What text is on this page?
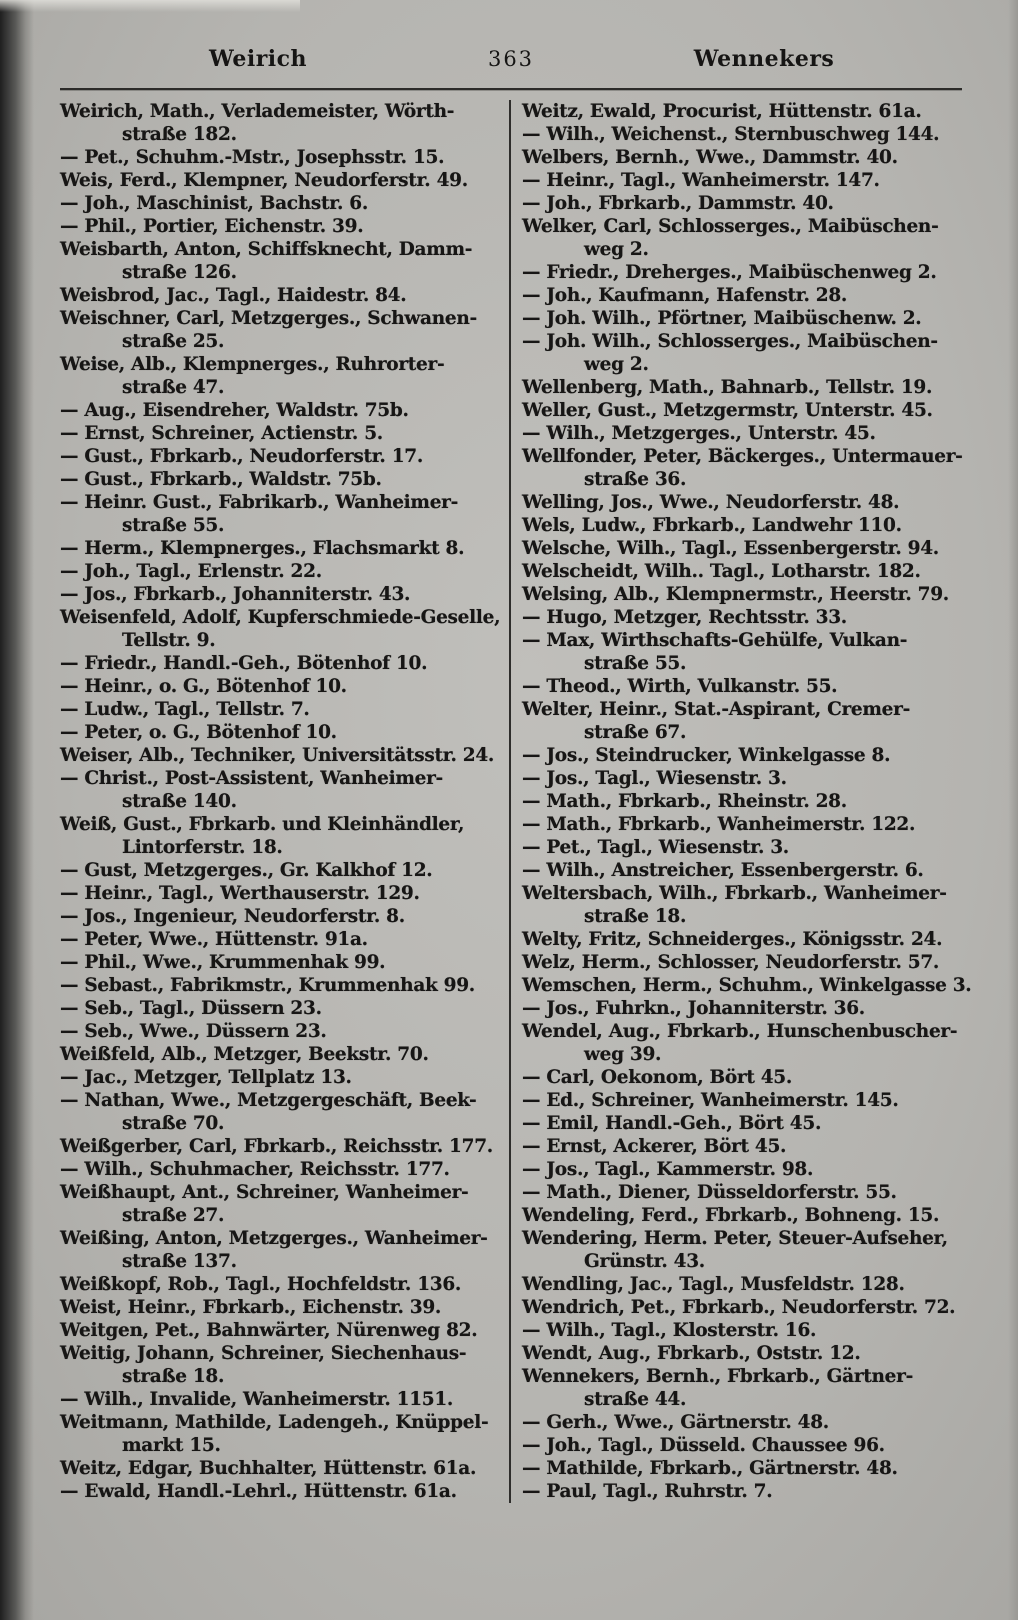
Weirich	363	Wennekers
Weirich, Math., Verlademeister, Wörth-
straße 182.
— Pet., Schuhm.-Mstr., Josephsstr. 15.
Weis, Ferd., Klempner, Neudorferstr. 49.
— Joh., Maschinist, Bachstr. 6.
— Phil., Portier, Eichenstr. 39.
Weisbarth, Anton, Schiffsknecht, Damm-
straße 126.
Weisbrod, Jac., Tagl., Haidestr. 84.
Weischner, Carl, Metzgerges., Schwanen-
straße 25.
Weise, Alb., Klempnerges., Ruhrorter-
straße 47.
— Aug., Eisendreher, Waldstr. 75b.
— Ernst, Schreiner, Actienstr. 5.
— Gust., Fbrkarb., Neudorferstr. 17.
— Gust., Fbrkarb., Waldstr. 75b.
— Heinr. Gust., Fabrikarb., Wanheimer-
straße 55.
— Herm., Klempnerges., Flachsmarkt 8.
— Joh., Tagl., Erlenstr. 22.
— Jos., Fbrkarb., Johanniterstr. 43.
Weisenfeld, Adolf, Kupferschmiede-Geselle,
Tellstr. 9.
— Friedr., Handl.-Geh., Bötenhof 10.
— Heinr., o. G., Bötenhof 10.
— Ludw., Tagl., Tellstr. 7.
— Peter, o. G., Bötenhof 10.
Weiser, Alb., Techniker, Universitätsstr. 24.
— Christ., Post-Assistent, Wanheimer-
straße 140.
Weiß, Gust., Fbrkarb. und Kleinhändler,
Lintorferstr. 18.
— Gust, Metzgerges., Gr. Kalkhof 12.
— Heinr., Tagl., Werthauserstr. 129.
— Jos., Ingenieur, Neudorferstr. 8.
— Peter, Wwe., Hüttenstr. 91a.
— Phil., Wwe., Krummenhak 99.
— Sebast., Fabrikmstr., Krummenhak 99.
— Seb., Tagl., Düssern 23.
— Seb., Wwe., Düssern 23.
Weißfeld, Alb., Metzger, Beekstr. 70.
— Jac., Metzger, Tellplatz 13.
— Nathan, Wwe., Metzgergeschäft, Beek-
straße 70.
Weißgerber, Carl, Fbrkarb., Reichsstr. 177.
— Wilh., Schuhmacher, Reichsstr. 177.
Weißhaupt, Ant., Schreiner, Wanheimer-
straße 27.
Weißing, Anton, Metzgerges., Wanheimer-
straße 137.
Weißkopf, Rob., Tagl., Hochfeldstr. 136.
Weist, Heinr., Fbrkarb., Eichenstr. 39.
Weitgen, Pet., Bahnwärter, Nürenweg 82.
Weitig, Johann, Schreiner, Siechenhaus-
straße 18.
— Wilh., Invalide, Wanheimerstr. 1151.
Weitmann, Mathilde, Ladengeh., Knüppel-
markt 15.
Weitz, Edgar, Buchhalter, Hüttenstr. 61a.
— Ewald, Handl.-Lehrl., Hüttenstr. 61a.
Weitz, Ewald, Procurist, Hüttenstr. 61a.
— Wilh., Weichenst., Sternbuschweg 144.
Welbers, Bernh., Wwe., Dammstr. 40.
— Heinr., Tagl., Wanheimerstr. 147.
— Joh., Fbrkarb., Dammstr. 40.
Welker, Carl, Schlosserges., Maibüschen-
weg 2.
— Friedr., Dreherges., Maibüschenweg 2.
— Joh., Kaufmann, Hafenstr. 28.
— Joh. Wilh., Pförtner, Maibüschenw. 2.
— Joh. Wilh., Schlosserges., Maibüschen-
weg 2.
Wellenberg, Math., Bahnarb., Tellstr. 19.
Weller, Gust., Metzgermstr, Unterstr. 45.
— Wilh., Metzgerges., Unterstr. 45.
Wellfonder, Peter, Bäckerges., Untermauer-
straße 36.
Welling, Jos., Wwe., Neudorferstr. 48.
Wels, Ludw., Fbrkarb., Landwehr 110.
Welsche, Wilh., Tagl., Essenbergerstr. 94.
Welscheidt, Wilh.. Tagl., Lotharstr. 182.
Welsing, Alb., Klempnermstr., Heerstr. 79.
— Hugo, Metzger, Rechtsstr. 33.
— Max, Wirthschafts-Gehülfe, Vulkan-
straße 55.
— Theod., Wirth, Vulkanstr. 55.
Welter, Heinr., Stat.-Aspirant, Cremer-
straße 67.
— Jos., Steindrucker, Winkelgasse 8.
— Jos., Tagl., Wiesenstr. 3.
— Math., Fbrkarb., Rheinstr. 28.
— Math., Fbrkarb., Wanheimerstr. 122.
— Pet., Tagl., Wiesenstr. 3.
— Wilh., Anstreicher, Essenbergerstr. 6.
Weltersbach, Wilh., Fbrkarb., Wanheimer-
straße 18.
Welty, Fritz, Schneiderges., Königsstr. 24.
Welz, Herm., Schlosser, Neudorferstr. 57.
Wemschen, Herm., Schuhm., Winkelgasse 3.
— Jos., Fuhrkn., Johanniterstr. 36.
Wendel, Aug., Fbrkarb., Hunschenbuscher-
weg 39.
— Carl, Oekonom, Bört 45.
— Ed., Schreiner, Wanheimerstr. 145.
— Emil, Handl.-Geh., Bört 45.
— Ernst, Ackerer, Bört 45.
— Jos., Tagl., Kammerstr. 98.
— Math., Diener, Düsseldorferstr. 55.
Wendeling, Ferd., Fbrkarb., Bohneng. 15.
Wendering, Herm. Peter, Steuer-Aufseher,
Grünstr. 43.
Wendling, Jac., Tagl., Musfeldstr. 128.
Wendrich, Pet., Fbrkarb., Neudorferstr. 72.
— Wilh., Tagl., Klosterstr. 16.
Wendt, Aug., Fbrkarb., Oststr. 12.
Wennekers, Bernh., Fbrkarb., Gärtner-
straße 44.
— Gerh., Wwe., Gärtnerstr. 48.
— Joh., Tagl., Düsseld. Chaussee 96.
— Mathilde, Fbrkarb., Gärtnerstr. 48.
— Paul, Tagl., Ruhrstr. 7.
